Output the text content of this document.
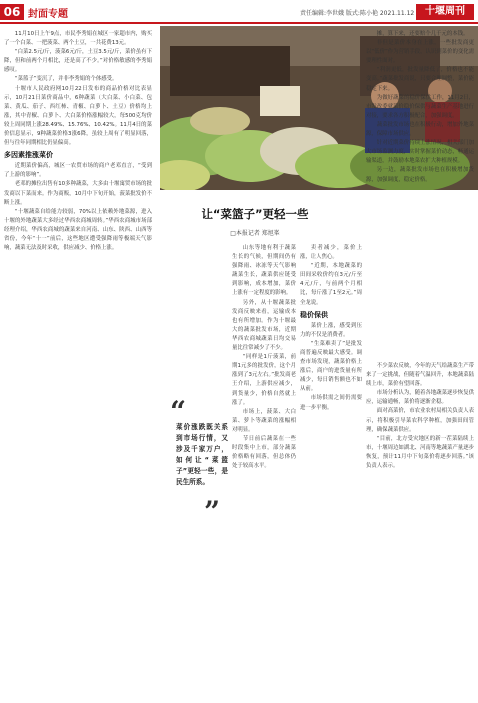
06 封面专题	责任编辑:李世娥 版式:陈小艳 2021.11.12	十堰周刊

11月10日上午9点，市民李秀娟在城区一家超市内，购买了一个白菜、一把菠菜、两个土豆，一共花费13元。

“白菜2.5元/斤，菠菜6元/斤，土豆3.5元/斤，菜价虽有下降，但和前两个月相比，还是高了不少。”对价格敏感的李秀娟感叹。

“菜篮子”变沉了，并非李秀娟的个体感受。

十堰市人民政府网10月22日发布的商品价格对比表显示，10月21日菜价商品中，6种蔬菜（大白菜、小白菜、包菜、黄瓜、茄子、西红柿、青椒、白萝卜、土豆）价格均上涨，其中青椒、白萝卜、大白菜价格涨幅较大，每500克均价较上周同期上涨28.49%、15.76%、10.42%。11月4日的菜价信息显示，9种蔬菜价格3涨6降，虽较上周有了明显回落，但与往年同期相比仍显偏高。

多因素推涨菜价

近期菜价偏高，城区一农贸市场的商户老邓直言，“受到了上游的影响”。

老邓的摊位出售有10多种蔬菜，大多由十堰寓贸市场的批发商以下菜而来。作为商贩，10月中下旬开始，菠菜批发价不断上涨。

“十堰蔬菜自给能力较弱，70%以上依赖外地菜源，进入十堰的外地蔬菜大多经过华西农商城周转。”华西农商城市场部经理介绍，华西农商城的蔬菜来自河南、山东、陕西、山西等省份，今年“十一”前后，这些地区遭受强降雨等极端天气影响，蔬菜无法及时采收，供应减少、价格上涨。

让“菜篮子”更轻一些
□本报记者 郑旭峯

山东等地有利于蔬菜生长的气候，但期间仍有强降雨、冰冻等天气影响蔬菜生长，蔬菜供应链受到影响，成本增加，菜价上涨有一定程度的影响。

另外，从十堰蔬菜批发商反映来看，运输成本也有所增加。作为十堰最大的蔬菜批发市场，近期华西农商城蔬菜日均交易量比往常减少了不少。

“同样是1斤菠菜，前期1元多的批发价，这个月涨到了3元左右。”批发商老王介绍，上游供应减少，到货量少，价格自然就上涨了。

市场上，菠菜、大白菜、萝卜等蔬菜的涨幅相对明显。

节日前后蔬菜在一些时段集中上市，部分蔬菜价格略有回落，但总体仍处于较高水平。

“
菜价涨跌既关系到市场行情，又涉及千家万户，如何让“菜篮子”更轻一些，是民生所系。
”

卖者减少，菜价上涨，让人焦心。

“近期，本地蔬菜的田间采收价约在3元/斤至4元/斤，与前两个月相比，每斤涨了1至2元。”周全龙说。

稳价保供

菜价上涨，感受到压力的不仅是消费者。

“生菜难卖了”是批发商普遍反映最大感受。调查市场发现，蔬菜价格上涨后，商户的进货量有所减少，每日销售额也不如从前。

市场供需之间仍需要进一步平衡。

摊，算下来，还要赔个几千元的本钱。

非但是菜价本身在上涨，一些批发商更以“低价”作为营销手段，认识到菜价的变化需要理性面对。

“利润更低，批发量降低了，价格也不能变高。”蔬菜批发商说，只要合理调整，菜价能稳定下来。

为做好蔬菜的稳价保供工作，11月2日，市发改委就菜价稳价保供与蔬菜生产基地进行对接，要求各方积极配合，加强调度。

蔬菜批发市场也在积极行动，增加外地菜源，保障市场供应。

针对近期菜价持续上涨情况，相关部门加大市场监测力度，实时掌握菜价动态，畅通运输渠道，并鼓励本地菜农扩大种植规模。

另一边，蔬菜批发市场也在积极增加货源，加强调度，稳定价格。

不少菜农反映，今年的天气给蔬菜生产带来了一定挑战，但随着气温回升，本地蔬菜陆续上市，菜价有望回落。

市场分析认为，随着各地蔬菜逐步恢复供应，运输通畅，菜价将逐渐企稳。

面对高菜价，市农业农村局相关负责人表示，将积极引导菜农科学种植，加强田间管理，确保蔬菜供应。

“目前，北方受灾地区的新一茬菜陆续上市，十堰周边如湖北、河南等地蔬菜产量逐步恢复，预计11月中下旬菜价将逐步回落。”该负责人表示。
